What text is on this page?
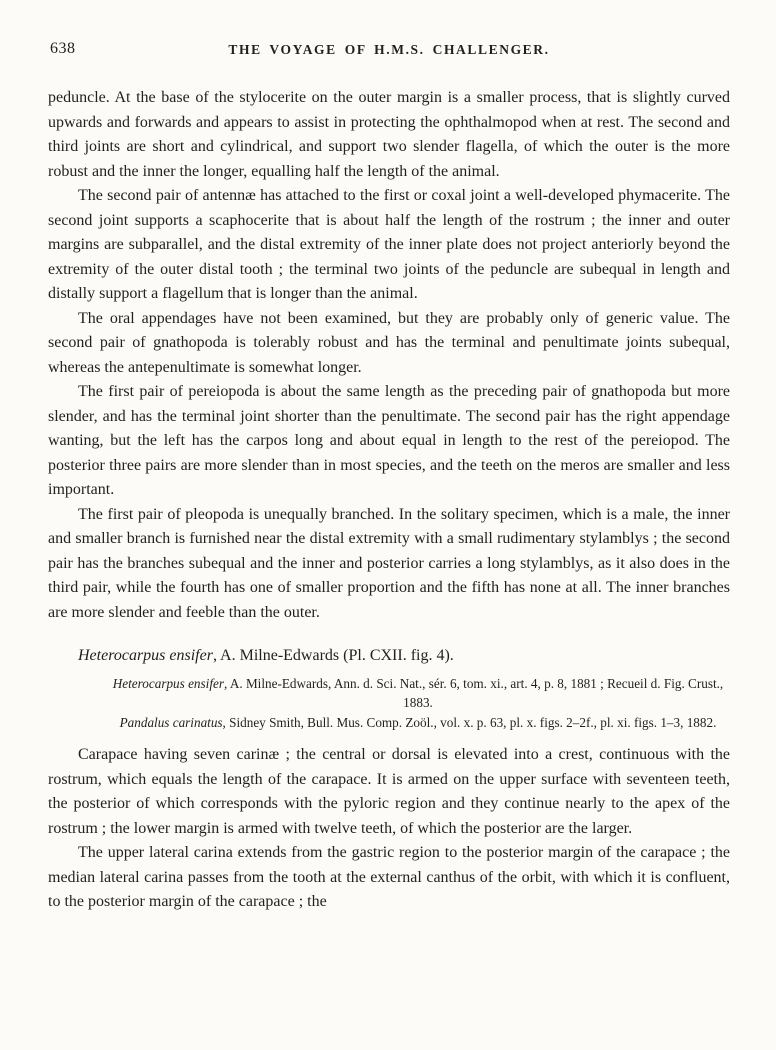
638	THE VOYAGE OF H.M.S. CHALLENGER.

peduncle. At the base of the stylocerite on the outer margin is a smaller process, that is slightly curved upwards and forwards and appears to assist in protecting the ophthalmopod when at rest. The second and third joints are short and cylindrical, and support two slender flagella, of which the outer is the more robust and the inner the longer, equalling half the length of the animal.

The second pair of antennæ has attached to the first or coxal joint a well-developed phymacerite. The second joint supports a scaphocerite that is about half the length of the rostrum ; the inner and outer margins are subparallel, and the distal extremity of the inner plate does not project anteriorly beyond the extremity of the outer distal tooth ; the terminal two joints of the peduncle are subequal in length and distally support a flagellum that is longer than the animal.

The oral appendages have not been examined, but they are probably only of generic value. The second pair of gnathopoda is tolerably robust and has the terminal and penultimate joints subequal, whereas the antepenultimate is somewhat longer.

The first pair of pereiopoda is about the same length as the preceding pair of gnathopoda but more slender, and has the terminal joint shorter than the penultimate. The second pair has the right appendage wanting, but the left has the carpos long and about equal in length to the rest of the pereiopod. The posterior three pairs are more slender than in most species, and the teeth on the meros are smaller and less important.

The first pair of pleopoda is unequally branched. In the solitary specimen, which is a male, the inner and smaller branch is furnished near the distal extremity with a small rudimentary stylamblys ; the second pair has the branches subequal and the inner and posterior carries a long stylamblys, as it also does in the third pair, while the fourth has one of smaller proportion and the fifth has none at all. The inner branches are more slender and feeble than the outer.

Heterocarpus ensifer, A. Milne-Edwards (Pl. CXII. fig. 4).

Heterocarpus ensifer, A. Milne-Edwards, Ann. d. Sci. Nat., sér. 6, tom. xi., art. 4, p. 8, 1881 ; Recueil d. Fig. Crust., 1883.

Pandalus carinatus, Sidney Smith, Bull. Mus. Comp. Zoöl., vol. x. p. 63, pl. x. figs. 2–2f., pl. xi. figs. 1–3, 1882.

Carapace having seven carinæ ; the central or dorsal is elevated into a crest, continuous with the rostrum, which equals the length of the carapace. It is armed on the upper surface with seventeen teeth, the posterior of which corresponds with the pyloric region and they continue nearly to the apex of the rostrum ; the lower margin is armed with twelve teeth, of which the posterior are the larger.

The upper lateral carina extends from the gastric region to the posterior margin of the carapace ; the median lateral carina passes from the tooth at the external canthus of the orbit, with which it is confluent, to the posterior margin of the carapace ; the
